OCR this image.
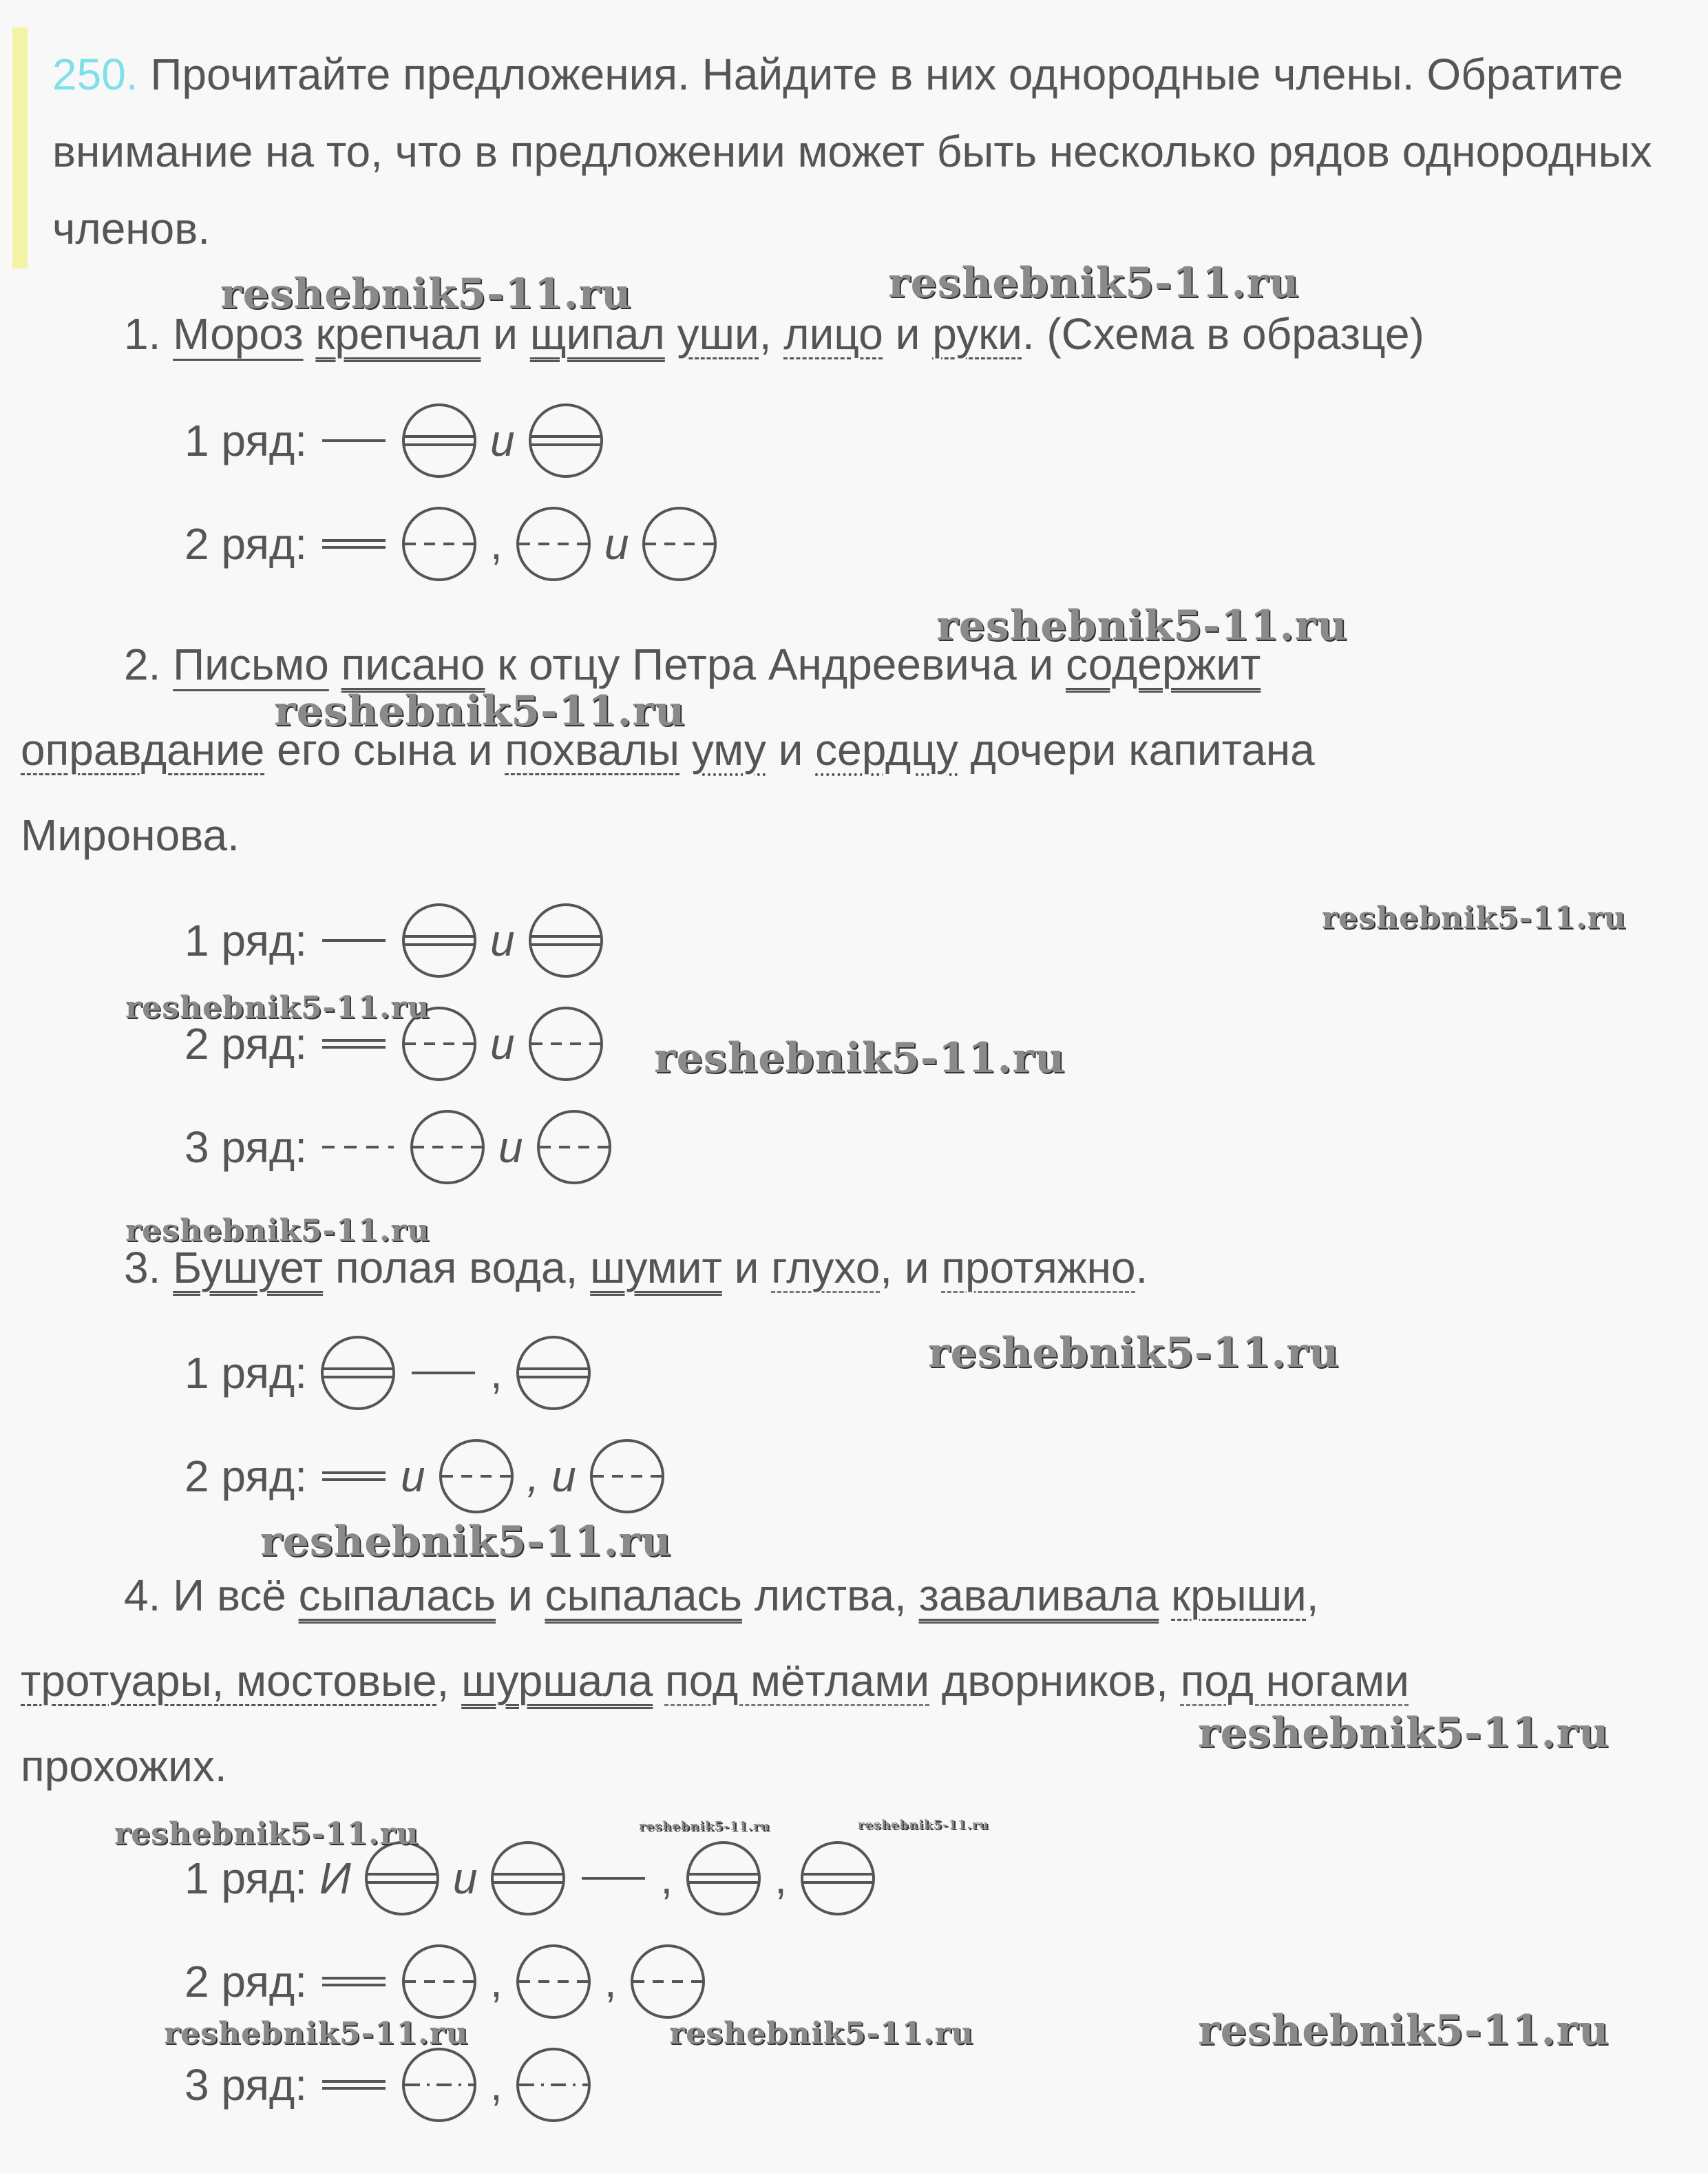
250. Прочитайте предложения. Найдите в них однородные члены. Обратите внимание на то, что в предложении может быть несколько рядов однородных членов.
1. Мороз крепчал и щипал уши, лицо и руки. (Схема в образце)
1 ряд:	и
2 ряд:	, и
2. Письмо писано к отцу Петра Андреевича и содержит
оправдание его сына и похвалы уму и сердцу дочери капитана
Миронова.
1 ряд:	и
2 ряд:	и
3 ряд:	и
3. Бушует полая вода, шумит и глухо, и протяжно.
1 ряд:	,
2 ряд: и , и
4. И всё сыпалась и сыпалась листва, заваливала крыши,
тротуары, мостовые, шуршала под мётлами дворников, под ногами
прохожих.
1 ряд: И и	, ,
2 ряд:	, ,
3 ряд:	,
reshebnik5-11.ru	reshebnik5-11.ru
reshebnik5-11.ru
reshebnik5-11.ru
reshebnik5-11.ru
reshebnik5-11.ru
reshebnik5-11.ru
reshebnik5-11.ru
reshebnik5-11.ru
reshebnik5-11.ru
reshebnik5-11.ru
reshebnik5-11.ru	reshebnik5-11.ru	reshebnik5-11.ru
reshebnik5-11.ru	reshebnik5-11.ru	reshebnik5-11.ru
